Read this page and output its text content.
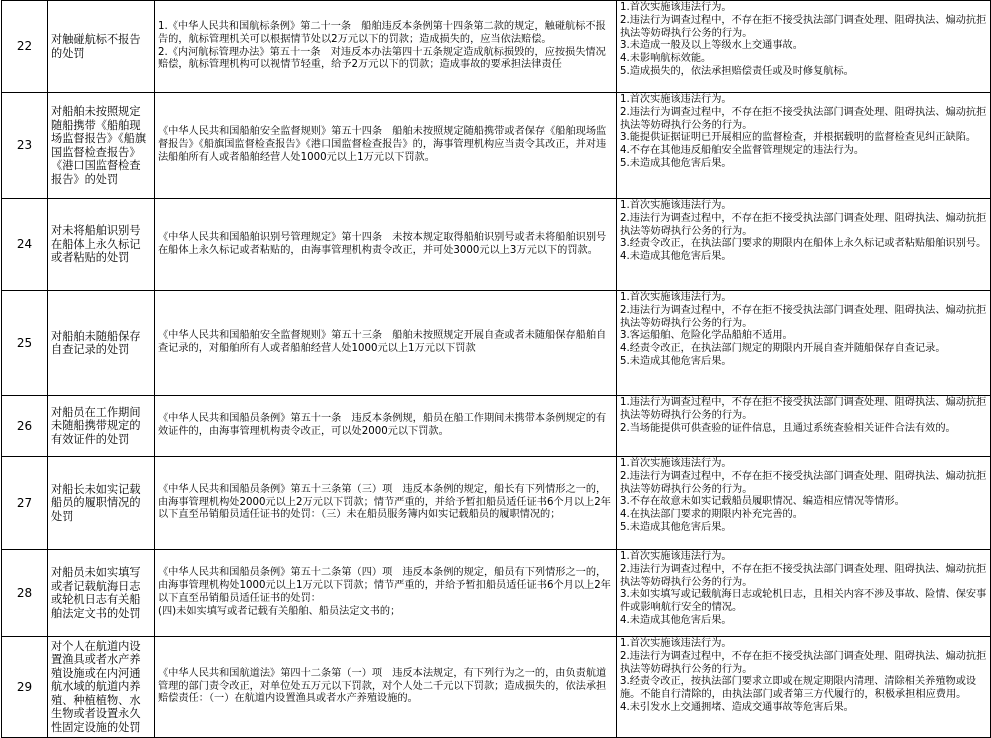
22	对触碰航标不报告的处罚	1.《中华人民共和国航标条例》第二十一条　船舶违反本条例第十四条第二款的规定，触碰航标不报告的，航标管理机关可以根据情节处以2万元以下的罚款；造成损失的，应当依法赔偿。
2.《内河航标管理办法》第五十一条　对违反本办法第四十五条规定造成航标损毁的，应按损失情况赔偿，航标管理机构可以视情节轻重，给予2万元以下的罚款；造成事故的要承担法律责任	1.首次实施该违法行为。
2.违法行为调查过程中，不存在拒不接受执法部门调查处理、阻碍执法、煽动抗拒执法等妨碍执行公务的行为。
3.未造成一般及以上等级水上交通事故。
4.未影响航标效能。
5.造成损失的，依法承担赔偿责任或及时修复航标。

23	对船舶未按照规定随船携带《船舶现场监督报告》《船旗国监督检查报告》《港口国监督检查报告》的处罚	《中华人民共和国船舶安全监督规则》第五十四条　船舶未按照规定随船携带或者保存《船舶现场监督报告》《船旗国监督检查报告》《港口国监督检查报告》的，海事管理机构应当责令其改正，并对违法船舶所有人或者船舶经营人处1000元以上1万元以下罚款。	1.首次实施该违法行为。
2.违法行为调查过程中，不存在拒不接受执法部门调查处理、阻碍执法、煽动抗拒执法等妨碍执行公务的行为。
3.能提供证据证明已开展相应的监督检查，并根据载明的监督检查见纠正缺陷。
4.不存在其他违反船舶安全监督管理规定的违法行为。
5.未造成其他危害后果。

24	对未将船舶识别号在船体上永久标记或者粘贴的处罚	《中华人民共和国船舶识别号管理规定》第十四条　未按本规定取得船舶识别号或者未将船舶识别号在船体上永久标记或者粘贴的，由海事管理机构责令改正，并可处3000元以上3万元以下的罚款。	1.首次实施该违法行为。
2.违法行为调查过程中，不存在拒不接受执法部门调查处理、阻碍执法、煽动抗拒执法等妨碍执行公务的行为。
3.经责令改正，在执法部门要求的期限内在船体上永久标记或者粘贴船舶识别号。
4.未造成其他危害后果。

25	对船舶未随船保存自查记录的处罚	《中华人民共和国船舶安全监督规则》第五十三条　船舶未按照规定开展自查或者未随船保存船舶自查记录的，对船舶所有人或者船舶经营人处1000元以上1万元以下罚款	1.首次实施该违法行为。
2.违法行为调查过程中，不存在拒不接受执法部门调查处理、阻碍执法、煽动抗拒执法等妨碍执行公务的行为。
3.客运船舶、危险化学品船舶不适用。
4.经责令改正，在执法部门规定的期限内开展自查并随船保存自查记录。
5.未造成其他危害后果。

26	对船员在工作期间未随船携带规定的有效证件的处罚	《中华人民共和国船员条例》第五十一条　违反本条例规，船员在船工作期间未携带本条例规定的有效证件的，由海事管理机构责令改正，可以处2000元以下罚款。	1.违法行为调查过程中，不存在拒不接受执法部门调查处理、阻碍执法、煽动抗拒执法等妨碍执行公务的行为。
2.当场能提供可供查验的证件信息，且通过系统查验相关证件合法有效的。

27	对船长未如实记载船员的履职情况的处罚	《中华人民共和国船员条例》第五十三条第（三）项　违反本条例的规定，船长有下列情形之一的，由海事管理机构处2000元以上2万元以下罚款；情节严重的，并给予暂扣船员适任证书6个月以上2年以下直至吊销船员适任证书的处罚：（三）未在船员服务簿内如实记载船员的履职情况的；	1.首次实施该违法行为。
2.违法行为调查过程中，不存在拒不接受执法部门调查处理、阻碍执法、煽动抗拒执法等妨碍执行公务的行为。
3.不存在故意未如实记载船员履职情况、编造相应情况等情形。
4.在执法部门要求的期限内补充完善的。
5.未造成其他危害后果。

28	对船员未如实填写或者记载航海日志或轮机日志有关船舶法定文书的处罚	《中华人民共和国船员条例》第五十二条第（四）项　违反本条例的规定，船员有下列情形之一的，由海事管理机构处1000元以上1万元以下罚款；情节严重的，并给予暂扣船员适任证书6个月以上2年以下直至吊销船员适任证书的处罚：
(四)未如实填写或者记载有关船舶、船员法定文书的；	1.首次实施该违法行为。
2.违法行为调查过程中，不存在拒不接受执法部门调查处理、阻碍执法、煽动抗拒执法等妨碍执行公务的行为。
3.未如实填写或记载航海日志或轮机日志，且相关内容不涉及事故、险情、保安事件或影响航行安全的情况。
4.未造成其他危害后果。

29	对个人在航道内设置渔具或者水产养殖设施或在内河通航水域的航道内养殖、种植植物、水生物或者设置永久性固定设施的处罚	《中华人民共和国航道法》第四十二条第（一）项　违反本法规定，有下列行为之一的，由负责航道管理的部门责令改正，对单位处五万元以下罚款，对个人处二千元以下罚款；造成损失的，依法承担赔偿责任：（一）在航道内设置渔具或者水产养殖设施的。	1.首次实施该违法行为。
2.违法行为调查过程中，不存在拒不接受执法部门调查处理、阻碍执法、煽动抗拒执法等妨碍执行公务的行为。
3.经责令改正，按执法部门要求立即或在规定期限内清理、清除相关养殖物或设施。不能自行清除的，由执法部门或者第三方代履行的，积极承担相应费用。
4.未引发水上交通拥堵、造成交通事故等危害后果。
